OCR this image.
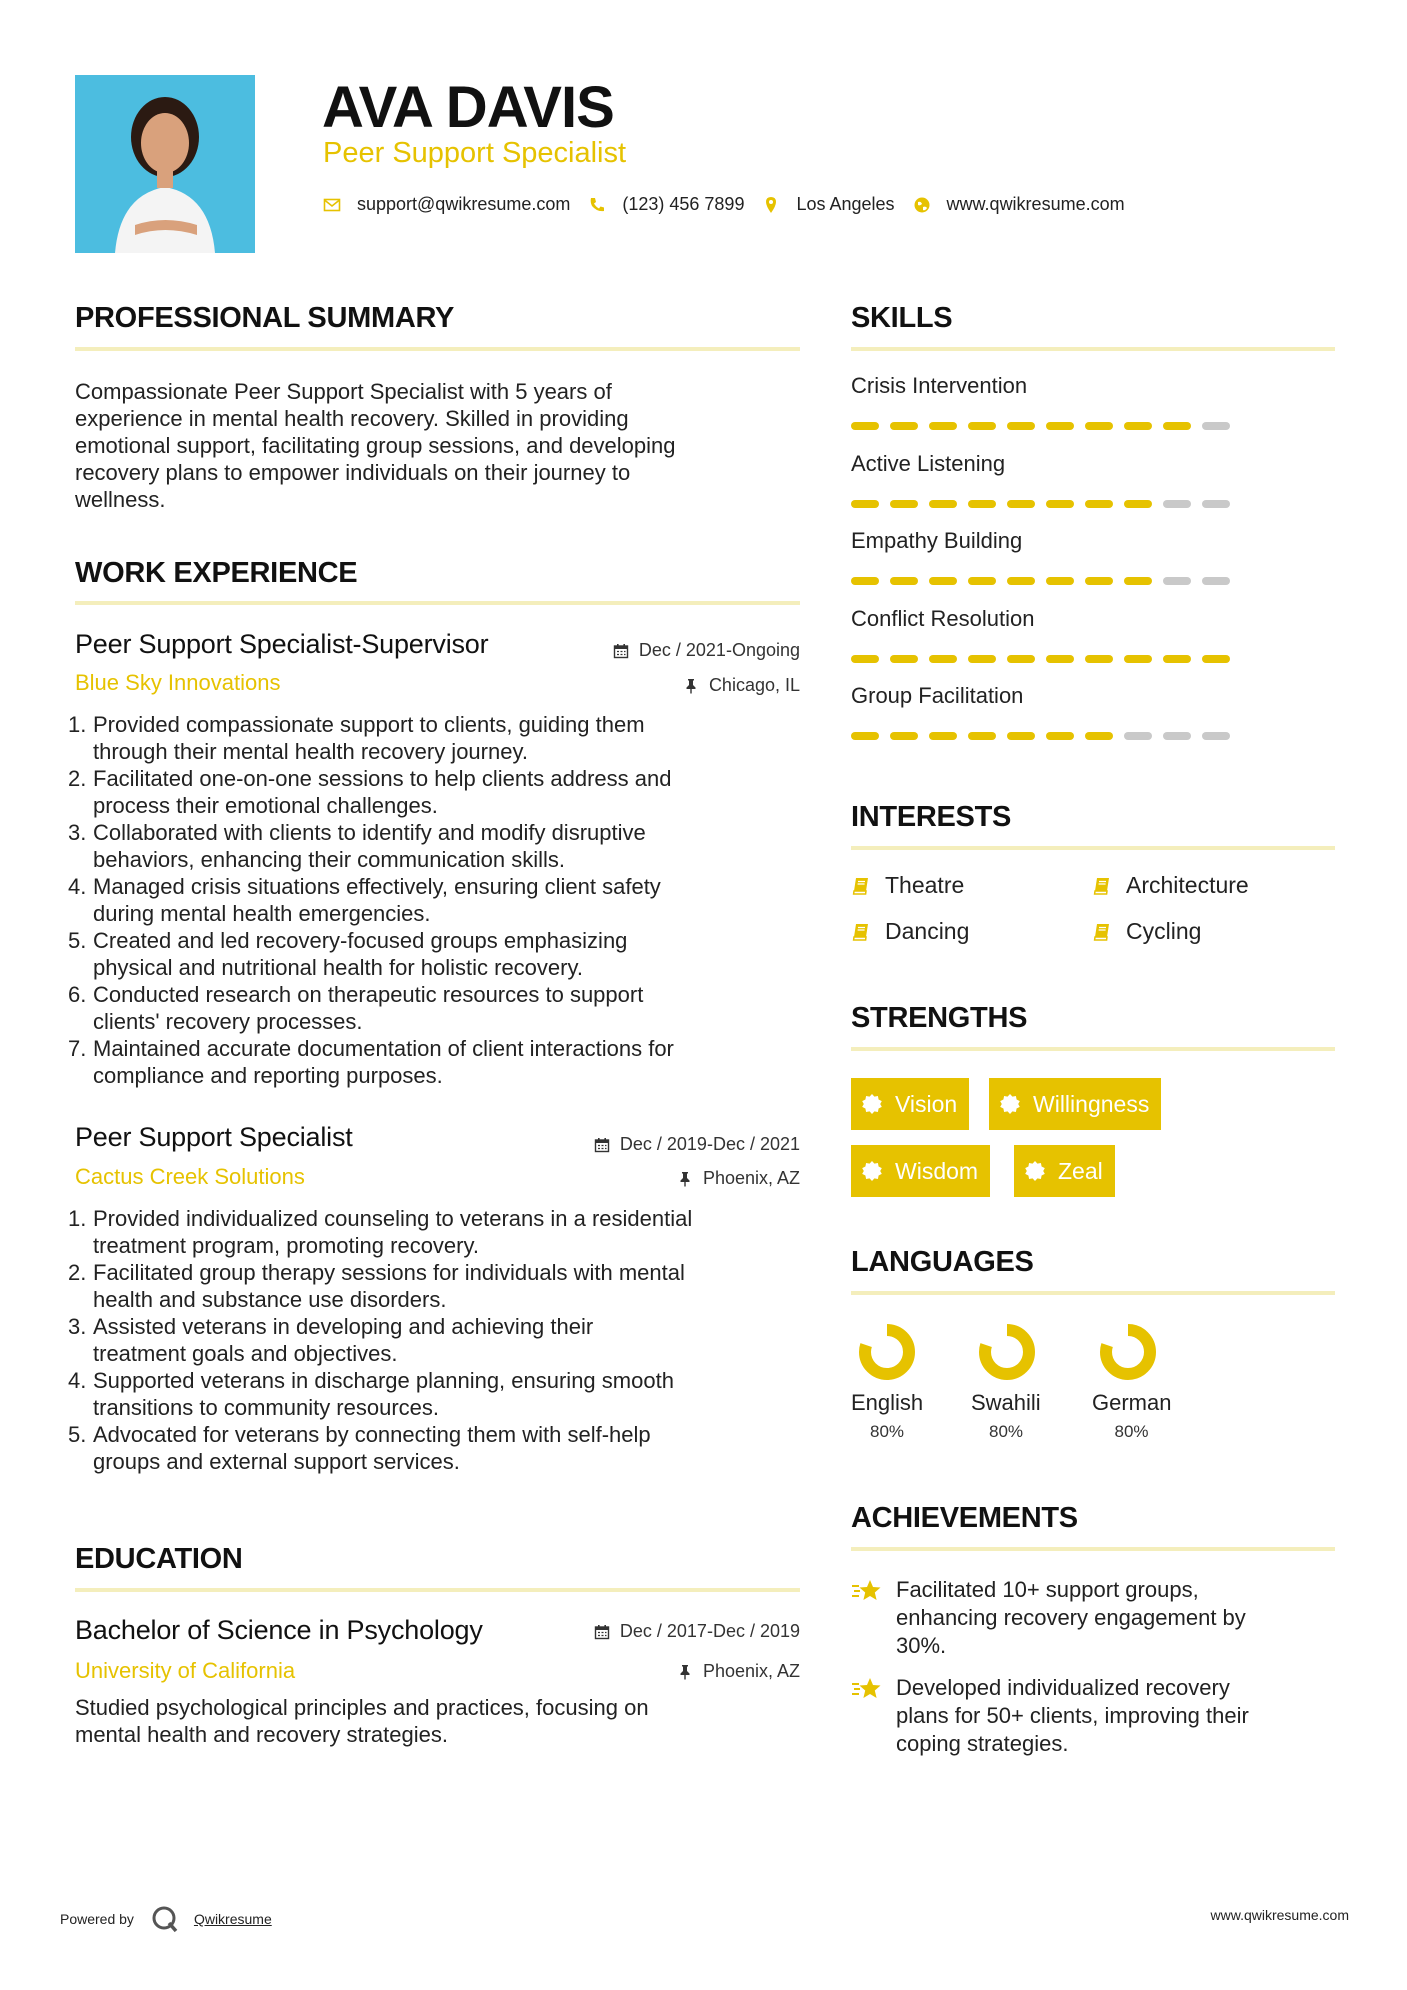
AVA DAVIS
Peer Support Specialist
support@qwikresume.com	(123) 456 7899	Los Angeles	www.qwikresume.com
PROFESSIONAL SUMMARY
Compassionate Peer Support Specialist with 5 years of
experience in mental health recovery. Skilled in providing
emotional support, facilitating group sessions, and developing
recovery plans to empower individuals on their journey to
wellness.
WORK EXPERIENCE
Peer Support Specialist-Supervisor	Dec / 2021-Ongoing
Blue Sky Innovations	Chicago, IL
1. Provided compassionate support to clients, guiding them
through their mental health recovery journey.
2. Facilitated one-on-one sessions to help clients address and
process their emotional challenges.
3. Collaborated with clients to identify and modify disruptive
behaviors, enhancing their communication skills.
4. Managed crisis situations effectively, ensuring client safety
during mental health emergencies.
5. Created and led recovery-focused groups emphasizing
physical and nutritional health for holistic recovery.
6. Conducted research on therapeutic resources to support
clients' recovery processes.
7. Maintained accurate documentation of client interactions for
compliance and reporting purposes.
Peer Support Specialist	Dec / 2019-Dec / 2021
Cactus Creek Solutions	Phoenix, AZ
1. Provided individualized counseling to veterans in a residential
treatment program, promoting recovery.
2. Facilitated group therapy sessions for individuals with mental
health and substance use disorders.
3. Assisted veterans in developing and achieving their
treatment goals and objectives.
4. Supported veterans in discharge planning, ensuring smooth
transitions to community resources.
5. Advocated for veterans by connecting them with self-help
groups and external support services.
EDUCATION
Bachelor of Science in Psychology	Dec / 2017-Dec / 2019
University of California	Phoenix, AZ
Studied psychological principles and practices, focusing on
mental health and recovery strategies.
SKILLS
Crisis Intervention
Active Listening
Empathy Building
Conflict Resolution
Group Facilitation
INTERESTS
Theatre	Architecture
Dancing	Cycling
STRENGTHS
Vision	Willingness
Wisdom	Zeal
LANGUAGES
English
80%
Swahili
80%
German
80%
ACHIEVEMENTS
Facilitated 10+ support groups,
enhancing recovery engagement by
30%.
Developed individualized recovery
plans for 50+ clients, improving their
coping strategies.
Powered by	Qwikresume	www.qwikresume.com
